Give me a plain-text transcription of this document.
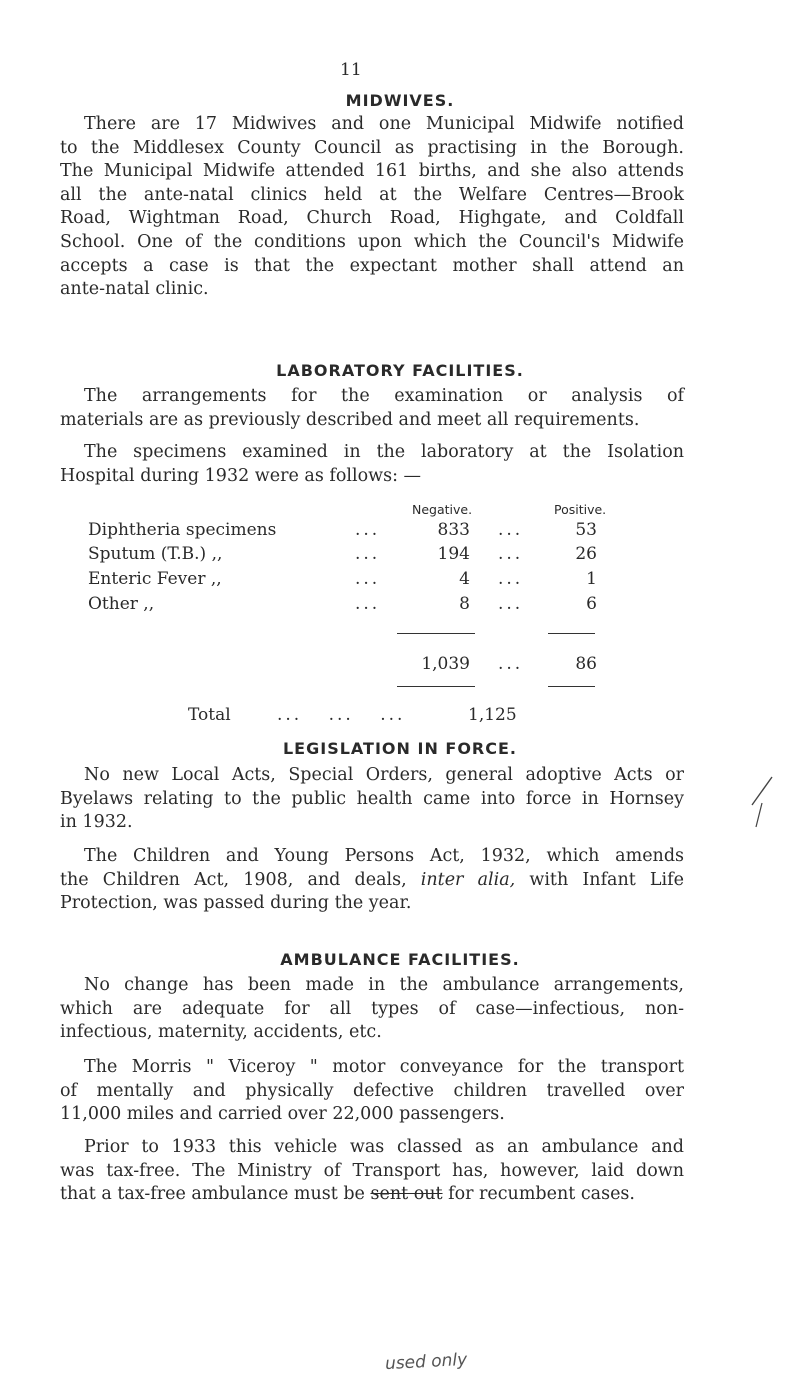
11
MIDWIVES.
There are 17 Midwives and one Municipal Midwife notified
to the Middlesex County Council as practising in the Borough.
The Municipal Midwife attended 161 births, and she also attends
all the ante-natal clinics held at the Welfare Centres—Brook
Road, Wightman Road, Church Road, Highgate, and Coldfall
School. One of the conditions upon which the Council's Midwife
accepts a case is that the expectant mother shall attend an
ante-natal clinic.
LABORATORY FACILITIES.
The arrangements for the examination or analysis of
materials are as previously described and meet all requirements.
The specimens examined in the laboratory at the Isolation
Hospital during 1932 were as follows: —
Negative.	Positive.
Diphtheria specimens	...	833 ...	53
Sputum (T.B.) ,,	...	194 ...	26
Enteric Fever ,,	...	4 ...	1
Other ,,	...	8 ...	6
1,039 ...	86
Total	... ... ...	1,125
LEGISLATION IN FORCE.
No new Local Acts, Special Orders, general adoptive Acts or
Byelaws relating to the public health came into force in Hornsey
in 1932.
The Children and Young Persons Act, 1932, which amends
the Children Act, 1908, and deals, inter alia, with Infant Life
Protection, was passed during the year.
AMBULANCE FACILITIES.
No change has been made in the ambulance arrangements,
which are adequate for all types of case—infectious, non-
infectious, maternity, accidents, etc.
The Morris " Viceroy " motor conveyance for the transport
of mentally and physically defective children travelled over
11,000 miles and carried over 22,000 passengers.
Prior to 1933 this vehicle was classed as an ambulance and
was tax-free. The Ministry of Transport has, however, laid down
that a tax-free ambulance must be sent out for recumbent cases.
used only
